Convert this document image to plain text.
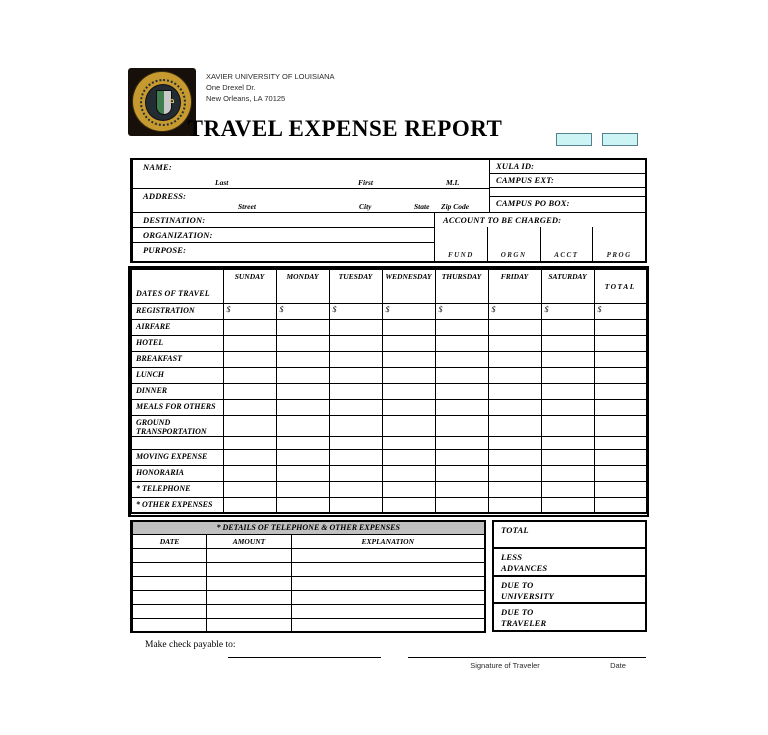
XAVIER UNIVERSITY OF LOUISIANA
One Drexel Dr.
New Orleans, LA 70125
TRAVEL EXPENSE REPORT
NAME:
Last	First	M.I.
ADDRESS:
Street	City	State Zip Code
XULA ID:
CAMPUS EXT:
CAMPUS PO BOX:
DESTINATION:
ORGANIZATION:
PURPOSE:
ACCOUNT TO BE CHARGED:
FUND	ORGN	ACCT	PROG
DATES OF TRAVEL	SUNDAY	MONDAY	TUESDAY	WEDNESDAY	THURSDAY	FRIDAY	SATURDAY	TOTAL
REGISTRATION	$	$	$	$	$	$	$	$
AIRFARE								
HOTEL								
BREAKFAST								
LUNCH								
DINNER								
MEALS FOR OTHERS								
GROUND TRANSPORTATION								

MOVING EXPENSE								
HONORARIA								
* TELEPHONE								
* OTHER EXPENSES								
* DETAILS OF TELEPHONE & OTHER EXPENSES		
DATE	AMOUNT	EXPLANATION

TOTAL
LESS
ADVANCES
DUE TO
UNIVERSITY
DUE TO
TRAVELER
Make check payable to:
Signature of Traveler	Date
